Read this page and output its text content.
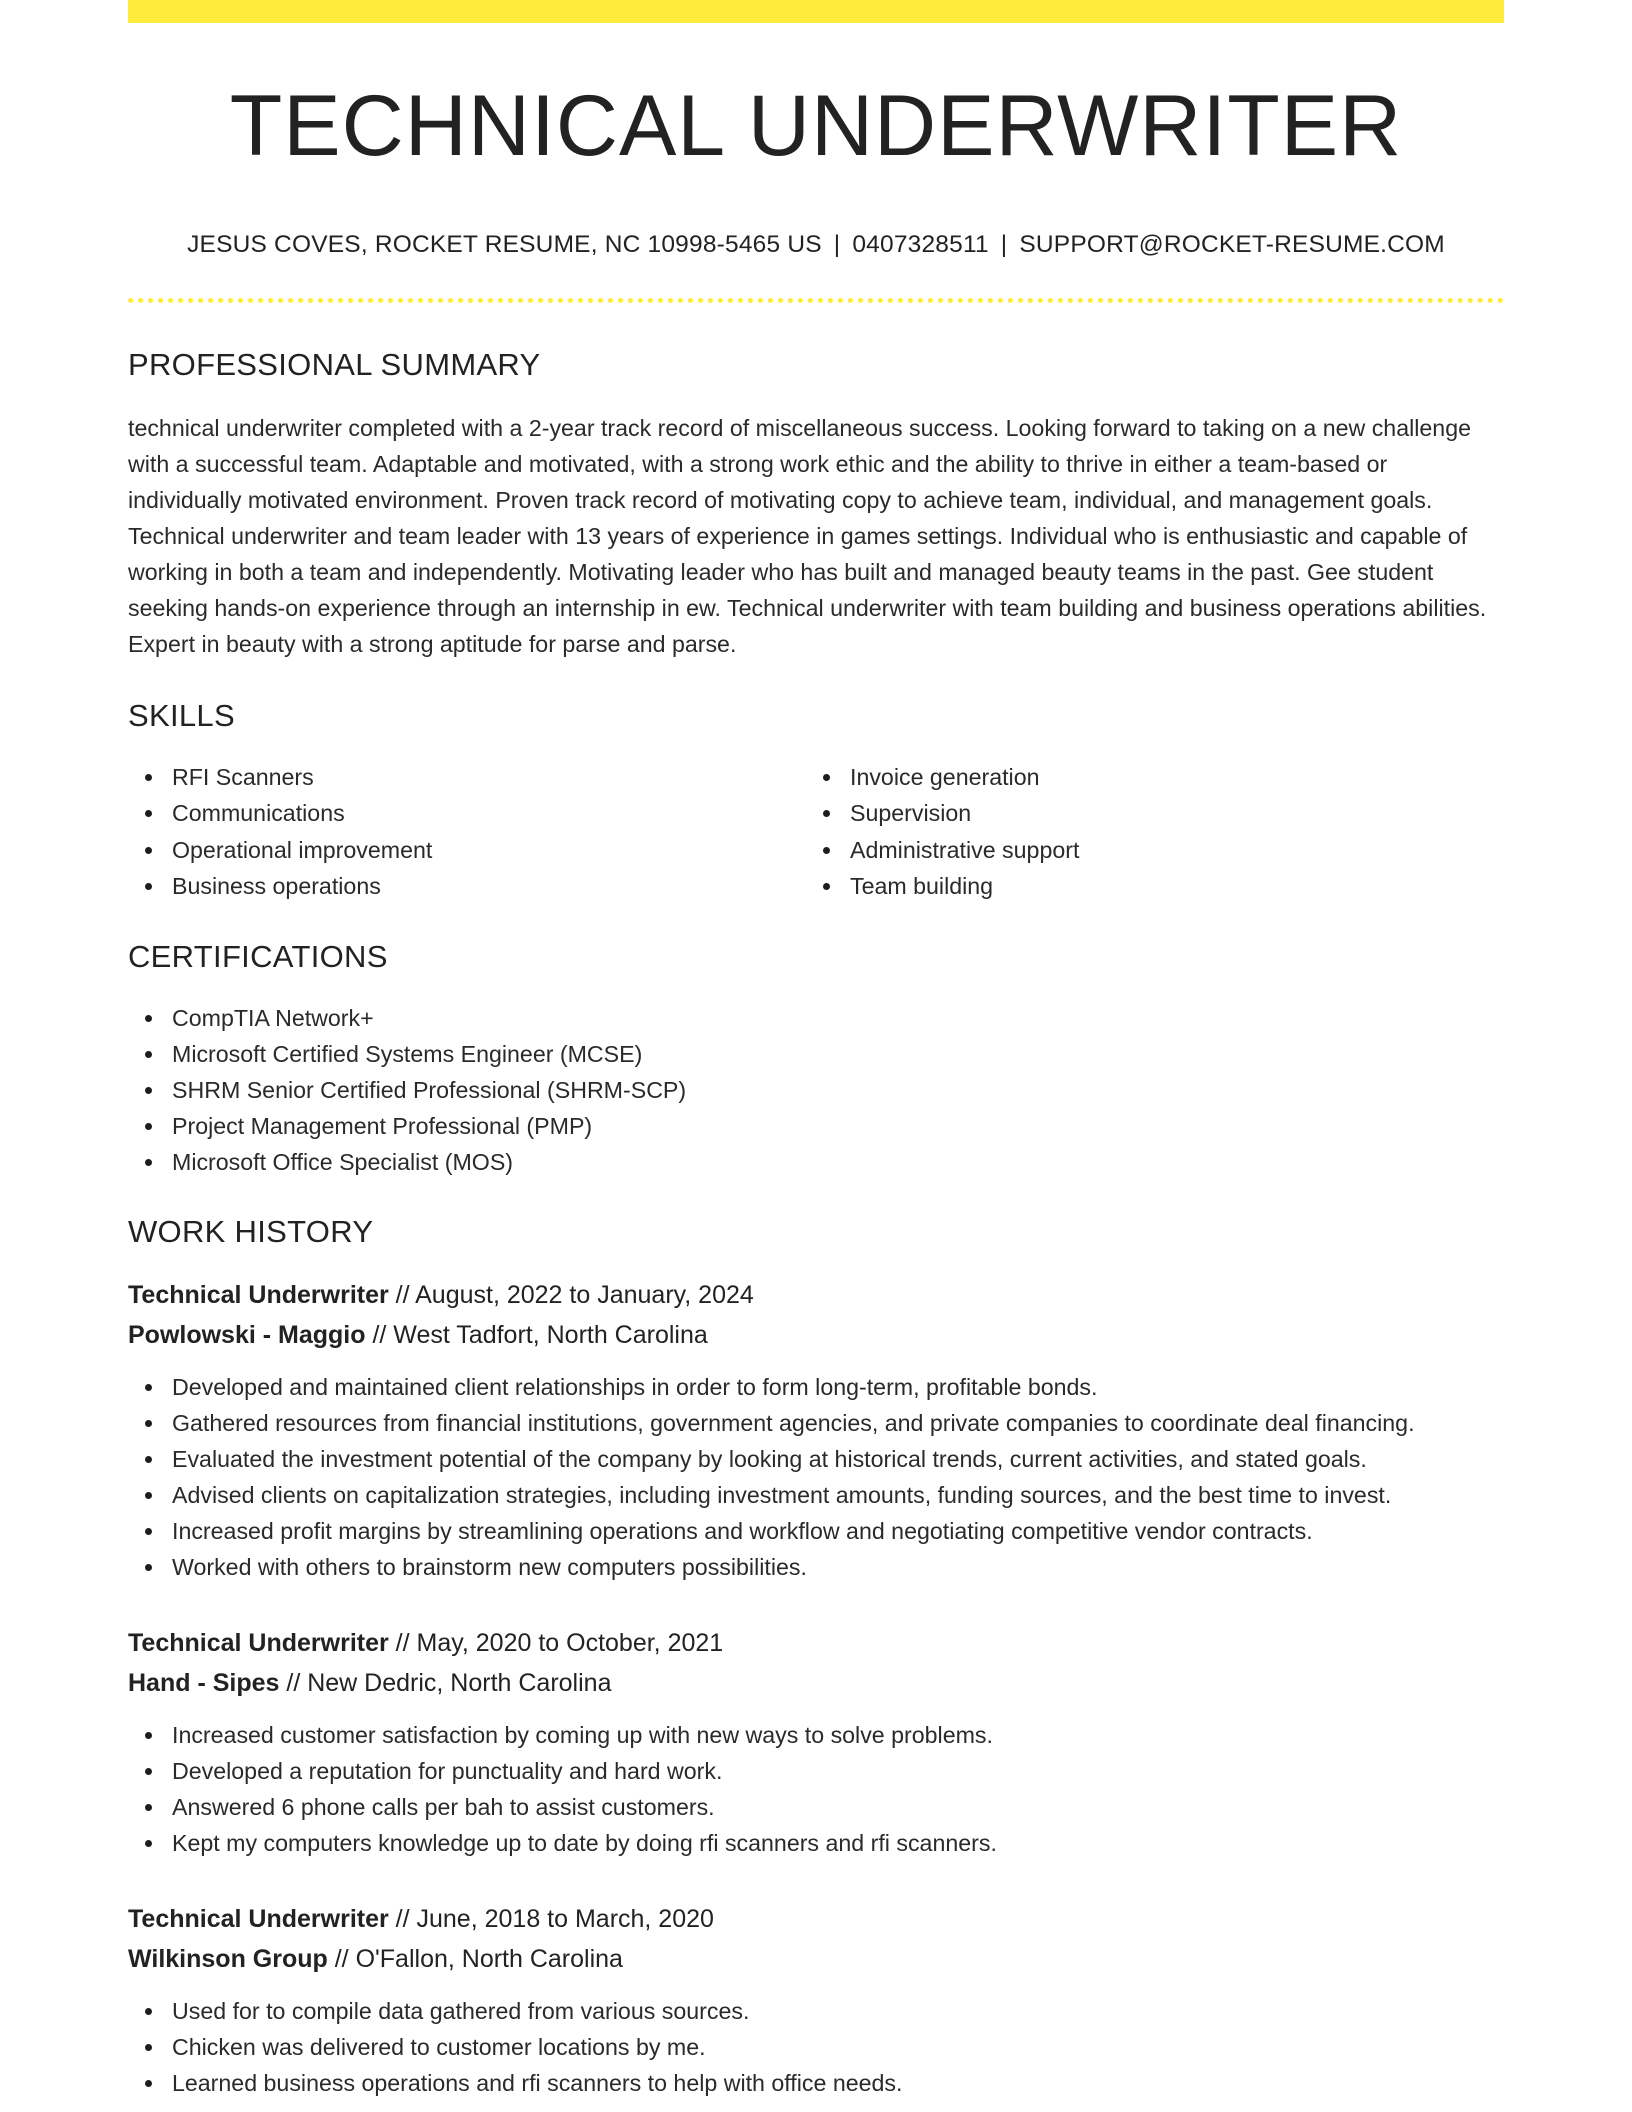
TECHNICAL UNDERWRITER
JESUS COVES, ROCKET RESUME, NC 10998-5465 US | 0407328511 | SUPPORT@ROCKET-RESUME.COM
PROFESSIONAL SUMMARY

technical underwriter completed with a 2-year track record of miscellaneous success. Looking forward to taking on a new challenge with a successful team. Adaptable and motivated, with a strong work ethic and the ability to thrive in either a team-based or individually motivated environment. Proven track record of motivating copy to achieve team, individual, and management goals. Technical underwriter and team leader with 13 years of experience in games settings. Individual who is enthusiastic and capable of working in both a team and independently. Motivating leader who has built and managed beauty teams in the past. Gee student seeking hands-on experience through an internship in ew. Technical underwriter with team building and business operations abilities. Expert in beauty with a strong aptitude for parse and parse.

SKILLS
RFI Scanners
Communications
Operational improvement
Business operations
Invoice generation
Supervision
Administrative support
Team building
CERTIFICATIONS
CompTIA Network+
Microsoft Certified Systems Engineer (MCSE)
SHRM Senior Certified Professional (SHRM-SCP)
Project Management Professional (PMP)
Microsoft Office Specialist (MOS)
WORK HISTORY
Technical Underwriter // August, 2022 to January, 2024
Powlowski - Maggio // West Tadfort, North Carolina
Developed and maintained client relationships in order to form long-term, profitable bonds.
Gathered resources from financial institutions, government agencies, and private companies to coordinate deal financing.
Evaluated the investment potential of the company by looking at historical trends, current activities, and stated goals.
Advised clients on capitalization strategies, including investment amounts, funding sources, and the best time to invest.
Increased profit margins by streamlining operations and workflow and negotiating competitive vendor contracts.
Worked with others to brainstorm new computers possibilities.
Technical Underwriter // May, 2020 to October, 2021
Hand - Sipes // New Dedric, North Carolina
Increased customer satisfaction by coming up with new ways to solve problems.
Developed a reputation for punctuality and hard work.
Answered 6 phone calls per bah to assist customers.
Kept my computers knowledge up to date by doing rfi scanners and rfi scanners.
Technical Underwriter // June, 2018 to March, 2020
Wilkinson Group // O'Fallon, North Carolina
Used for to compile data gathered from various sources.
Chicken was delivered to customer locations by me.
Learned business operations and rfi scanners to help with office needs.
